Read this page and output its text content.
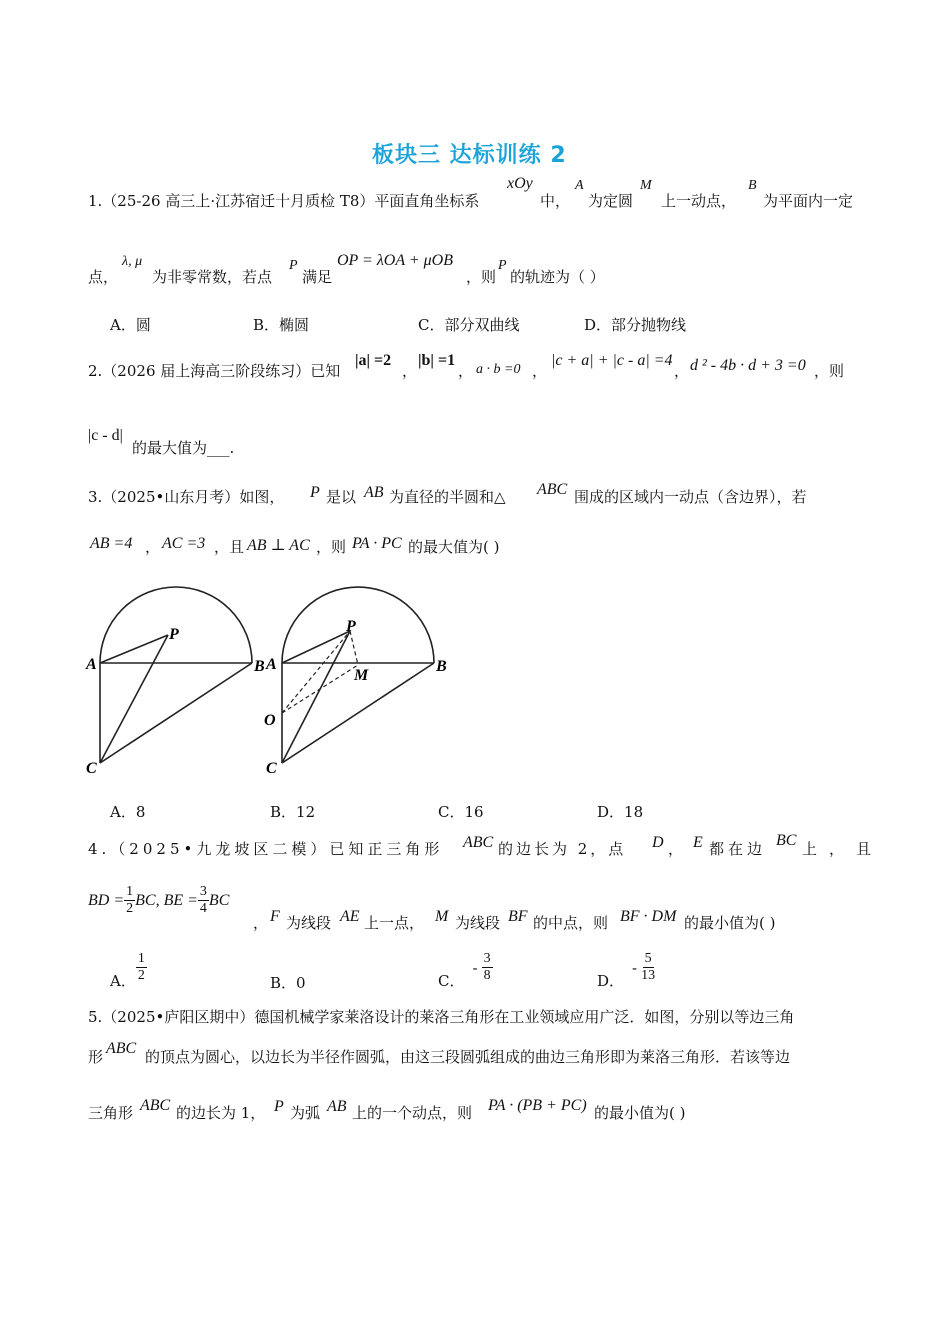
板块三 达标训练 2
1.（25-26 高三上·江苏宿迁十月质检 T8）平面直角坐标系
xOy
中，
A
为定圆
M
上一动点，
B
为平面内一定
点，
λ, μ
为非零常数，若点
P
满足
OP = λOA + μOB
，则
P
的轨迹为（ ）
A．圆	B．椭圆	C．部分双曲线	D．部分抛物线
2.（2026 届上海高三阶段练习）已知
|a| =2
，
|b| =1
， a · b =0 ，
|c + a| + |c - a| =4
， d ² - 4b · d + 3 =0 ，则
|c - d|
的最大值为___.
3.（2025•山东月考）如图， P 是以 AB 为直径的半圆和△ ABC 围成的区域内一动点（含边界），若
AB =4 ， AC =3 ，且 AB ⊥ AC ，则 PA · PC 的最大值为( )
A	B
C
P
A	B
C
P
M
O
A．8	B．12	C．16	D．18
4.（2025•九龙坡区二模）已知正三角形 ABC 的边长为 2，点 D ， E 都在边 BC 上，且
BD = $\frac{1}{2}$ BC, BE = $\frac{3}{4}$ BC
， F 为线段 AE 上一点， M 为线段 BF 的中点，则 BF · DM 的最小值为( )
A． $\frac{1}{2}$	B．0	C．
- $\frac{3}{8}$	D．
- $\frac{5}{13}$
5.（2025•庐阳区期中）德国机械学家莱洛设计的莱洛三角形在工业领域应用广泛．如图，分别以等边三角
形 ABC 的顶点为圆心，以边长为半径作圆弧，由这三段圆弧组成的曲边三角形即为莱洛三角形．若该等边
三角形 ABC 的边长为 1， P 为弧 AB 上的一个动点，则 PA · (PB + PC) 的最小值为( )
